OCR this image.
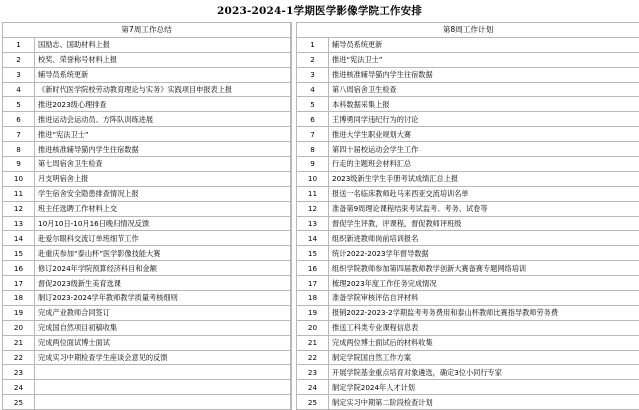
2023-2024-1学期医学影像学院工作安排
第7周工作总结	
1	国励志、国助材料上报
2	校奖、荣誉称号材料上报
3	辅导员系统更新
4	《新时代医学院校劳动教育理论与实务》实践项目申报表上报
5	推进2023级心理排查
6	推进运动会运动员、方阵队训练进展
7	推进“宪法卫士”
8	推进核准辅导猫内学生住宿数据
9	第七周宿舍卫生检查
10	月支明宿舍上报
11	学生宿舍安全隐患排查情况上报
12	班主任选聘工作材料上交
13	10月10日-10月16日晚归情况反馈
14	赴爱尔眼科交流订单班细节工作
15	赴重庆参加“泰山杯”医学影像技能大赛
16	修订2024年学院预算经济科目和金额
17	督促2023级新生美育选课
18	制订2023-2024学年教师教学质量考核细则
19	完成产业教师合同签订
20	完成国自然项目初稿收集
21	完成两位面试博士面试
22	完成实习中期检查学生座谈会意见的反馈
23	
24	
25	
第8周工作计划	
1	辅导员系统更新
2	推进“宪法卫士”
3	推进核准辅导猫内学生住宿数据
4	第八周宿舍卫生检查
5	本科数据采集上报
6	王博勇同学违纪行为的讨论
7	推进大学生职业规划大赛
8	第四十届校运动会学生工作
9	行走的主题班会材料汇总
10	2023级新生学生手册考试成绩汇总上报
11	报送一名临床教师赴马来西亚交流培训名单
12	准备第9周理论课程结束考试监考、考务、试卷等
13	督促学生评教，评课程，督促教师评班级
14	组织新进教师岗前培训报名
15	统计2022-2023学年督导数据
16	组织学院教师参加第四届教师教学创新大赛备赛专题网络培训
17	梳理2023年度工作任务完成情况
18	准备学院审核评估自评材料
19	报销2022-2023-2学期监考考务费用和泰山杯教师比赛指导教师劳务费
20	推送工科类专业课程信息表
21	完成两位博士面试后的材料收集
22	制定学院国自然工作方案
23	开展学院基金重点培育对象遴选，确定3位小同行专家
24	制定学院2024年人才计划
25	制定实习中期第二阶段检查计划
